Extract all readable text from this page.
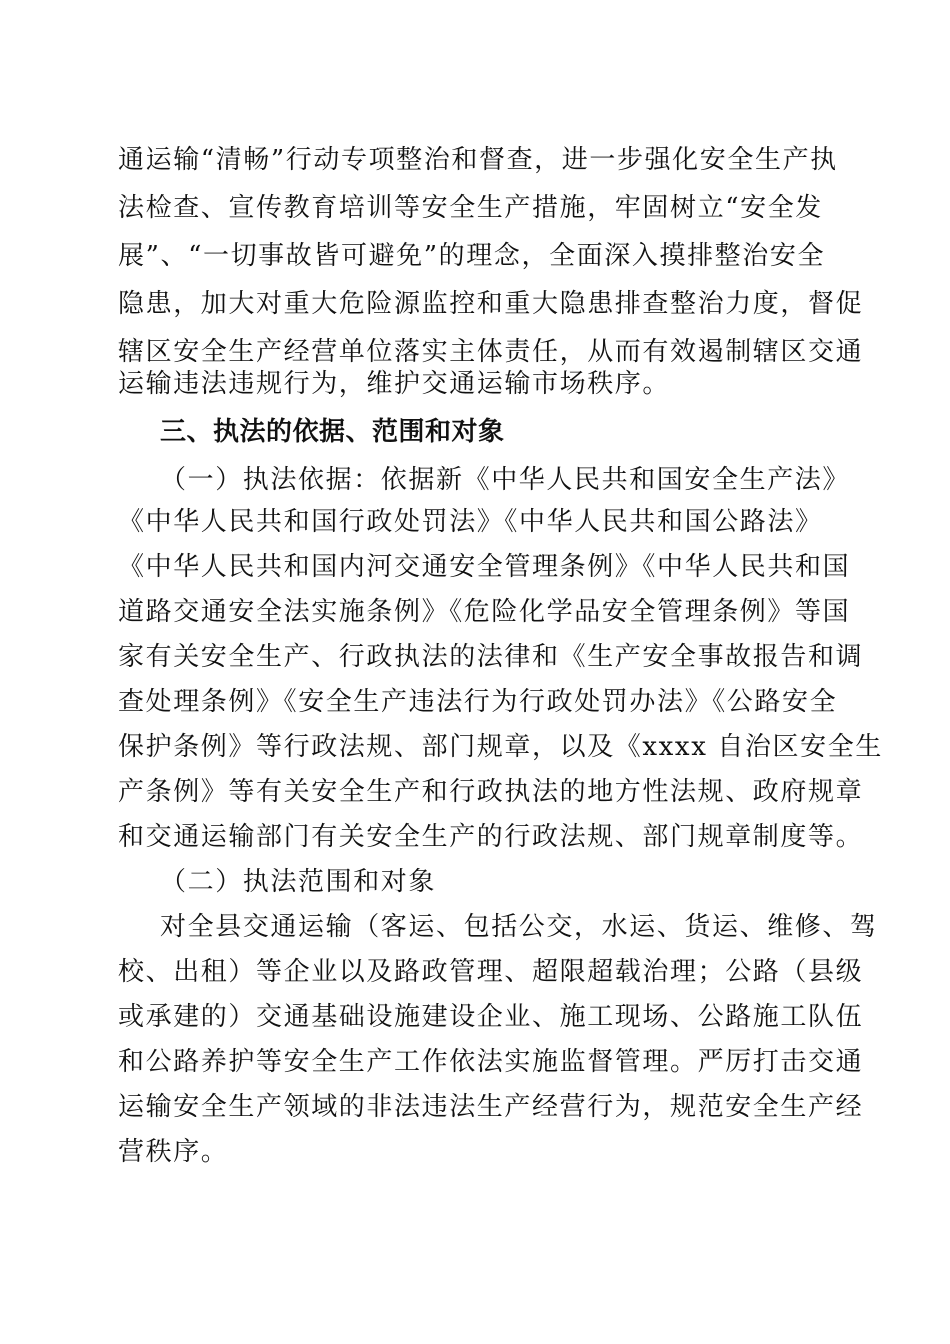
通运输“清畅”行动专项整治和督查，进一步强化安全生产执
法检查、宣传教育培训等安全生产措施，牢固树立“安全发
展”、“一切事故皆可避免”的理念，全面深入摸排整治安全
隐患，加大对重大危险源监控和重大隐患排查整治力度，督促
辖区安全生产经营单位落实主体责任，从而有效遏制辖区交通
运输违法违规行为，维护交通运输市场秩序。
三、执法的依据、范围和对象
（一）执法依据：依据新《中华人民共和国安全生产法》
《中华人民共和国行政处罚法》《中华人民共和国公路法》
《中华人民共和国内河交通安全管理条例》《中华人民共和国
道路交通安全法实施条例》《危险化学品安全管理条例》等国
家有关安全生产、行政执法的法律和《生产安全事故报告和调
查处理条例》《安全生产违法行为行政处罚办法》《公路安全
保护条例》等行政法规、部门规章，以及《xxxx 自治区安全生
产条例》等有关安全生产和行政执法的地方性法规、政府规章
和交通运输部门有关安全生产的行政法规、部门规章制度等。
（二）执法范围和对象
对全县交通运输（客运、包括公交，水运、货运、维修、驾
校、出租）等企业以及路政管理、超限超载治理；公路（县级
或承建的）交通基础设施建设企业、施工现场、公路施工队伍
和公路养护等安全生产工作依法实施监督管理。严厉打击交通
运输安全生产领域的非法违法生产经营行为，规范安全生产经
营秩序。
